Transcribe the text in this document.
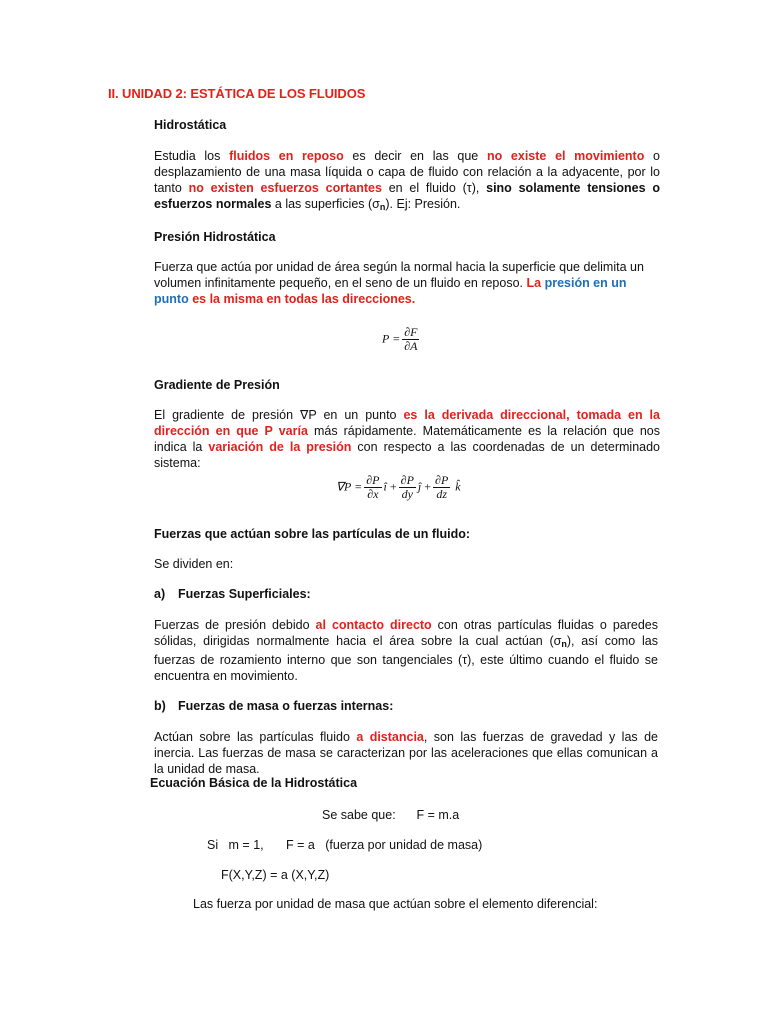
II. UNIDAD 2: ESTÁTICA DE LOS FLUIDOS
Hidrostática
Estudia los fluidos en reposo es decir en las que no existe el movimiento o desplazamiento de una masa líquida o capa de fluido con relación a la adyacente, por lo tanto no existen esfuerzos cortantes en el fluido (τ), sino solamente tensiones o esfuerzos normales a las superficies $(\sigma_n)$. Ej: Presión.
Presión Hidrostática
Fuerza que actúa por unidad de área según la normal hacia la superficie que delimita un volumen infinitamente pequeño, en el seno de un fluido en reposo. La presión en un punto es la misma en todas las direcciones.
$P = \frac{\partial F}{\partial A}$
Gradiente de Presión
El gradiente de presión ∇P en un punto es la derivada direccional, tomada en la dirección en que P varía más rápidamente. Matemáticamente es la relación que nos indica la variación de la presión con respecto a las coordenadas de un determinado sistema:
$\nabla P = \frac{\partial P}{\partial x}$ î + $\frac{\partial P}{dy}$ ĵ + $\frac{\partial P}{dz}$ k̂
Fuerzas que actúan sobre las partículas de un fluido:
Se dividen en:
a) Fuerzas Superficiales:
Fuerzas de presión debido al contacto directo con otras partículas fluidas o paredes sólidas, dirigidas normalmente hacia el área sobre la cual actúan $(\sigma_n)$, así como las fuerzas de rozamiento interno que son tangenciales (τ), este último cuando el fluido se encuentra en movimiento.
b) Fuerzas de masa o fuerzas internas:
Actúan sobre las partículas fluido a distancia, son las fuerzas de gravedad y las de inercia. Las fuerzas de masa se caracterizan por las aceleraciones que ellas comunican a la unidad de masa.
Ecuación Básica de la Hidrostática
Se sabe que:      F = m.a
Si   m = 1, F = a   (fuerza por unidad de masa)
F(X,Y,Z) = a (X,Y,Z)
Las fuerza por unidad de masa que actúan sobre el elemento diferencial:
